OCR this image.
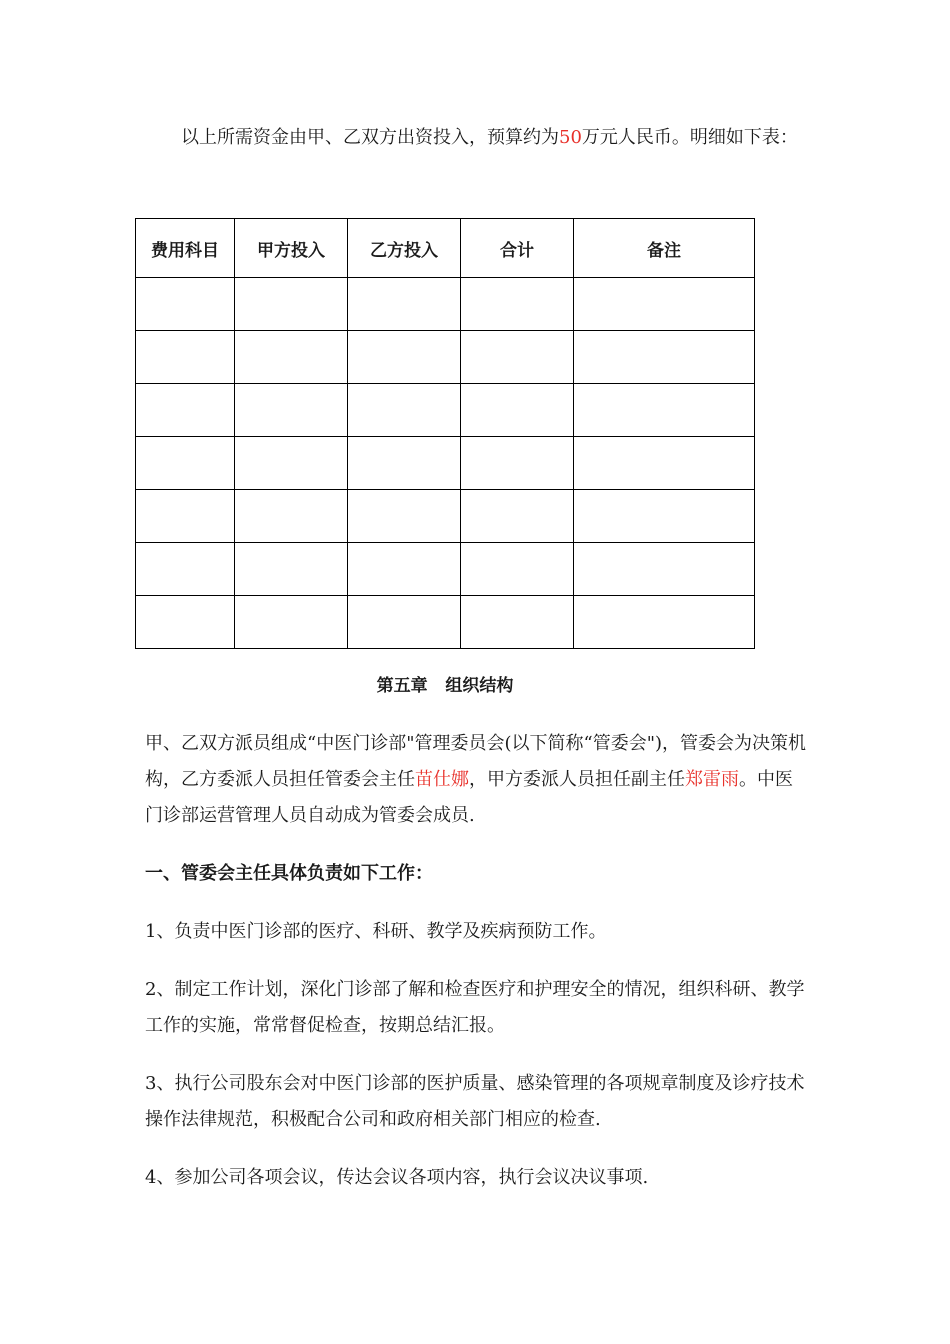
以上所需资金由甲、乙双方出资投入，预算约为50万元人民币。明细如下表：

费用科目	甲方投入	乙方投入	合计	备注

第五章 组织结构

甲、乙双方派员组成“中医门诊部"管理委员会(以下简称“管委会")，管委会为决策机构，乙方委派人员担任管委会主任苗仕娜，甲方委派人员担任副主任郑雷雨。中医门诊部运营管理人员自动成为管委会成员.

一、管委会主任具体负责如下工作：

1、负责中医门诊部的医疗、科研、教学及疾病预防工作。

2、制定工作计划，深化门诊部了解和检查医疗和护理安全的情况，组织科研、教学工作的实施，常常督促检查，按期总结汇报。

3、执行公司股东会对中医门诊部的医护质量、感染管理的各项规章制度及诊疗技术操作法律规范，积极配合公司和政府相关部门相应的检查.

4、参加公司各项会议，传达会议各项内容，执行会议决议事项.
